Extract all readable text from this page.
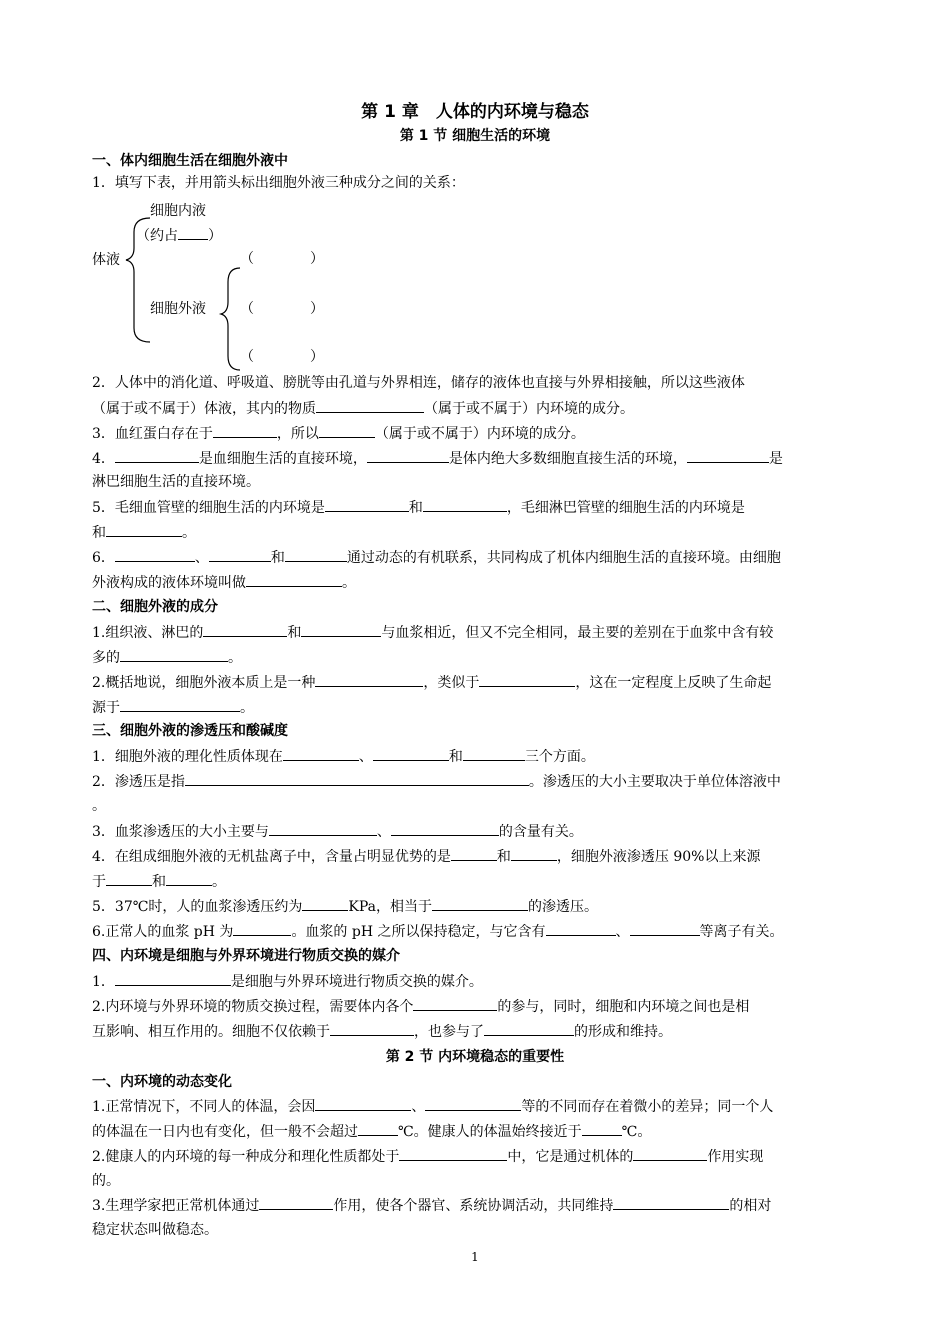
第 1 章　人体的内环境与稳态
第 1 节 细胞生活的环境
一、体内细胞生活在细胞外液中
1．填写下表，并用箭头标出细胞外液三种成分之间的关系：
细胞内液
（约占 ）
体液
细胞外液
（	）
（	）
（	）
2．人体中的消化道、呼吸道、膀胱等由孔道与外界相连，储存的液体也直接与外界相接触，所以这些液体
（属于或不属于）体液，其内的物质	（属于或不属于）内环境的成分。
3．血红蛋白存在于	，所以	（属于或不属于）内环境的成分。
4．	是血细胞生活的直接环境，	是体内绝大多数细胞直接生活的环境，	是
淋巴细胞生活的直接环境。
5．毛细血管壁的细胞生活的内环境是	和	，毛细淋巴管壁的细胞生活的内环境是
和	。
6．	、	和	通过动态的有机联系，共同构成了机体内细胞生活的直接环境。由细胞
外液构成的液体环境叫做	。
二、细胞外液的成分
1.组织液、淋巴的	和	与血浆相近，但又不完全相同，最主要的差别在于血浆中含有较
多的	。
2.概括地说，细胞外液本质上是一种	，类似于	，这在一定程度上反映了生命起
源于	。
三、细胞外液的渗透压和酸碱度
1．细胞外液的理化性质体现在	、	和	三个方面。
2．渗透压是指	。渗透压的大小主要取决于单位体溶液中
。
3．血浆渗透压的大小主要与	、	的含量有关。
4．在组成细胞外液的无机盐离子中，含量占明显优势的是	和	，细胞外液渗透压 90%以上来源
于	和	。
5．37℃时，人的血浆渗透压约为	KPa，相当于	的渗透压。
6.正常人的血浆 pH 为	。血浆的 pH 之所以保持稳定，与它含有	、	等离子有关。
四、内环境是细胞与外界环境进行物质交换的媒介
1．	是细胞与外界环境进行物质交换的媒介。
2.内环境与外界环境的物质交换过程，需要体内各个	的参与，同时，细胞和内环境之间也是相
互影响、相互作用的。细胞不仅依赖于	，也参与了	的形成和维持。
第 2 节 内环境稳态的重要性
一、内环境的动态变化
1.正常情况下，不同人的体温，会因	、	等的不同而存在着微小的差异；同一个人
的体温在一日内也有变化，但一般不会超过	℃。健康人的体温始终接近于	℃。
2.健康人的内环境的每一种成分和理化性质都处于	中，它是通过机体的	作用实现
的。
3.生理学家把正常机体通过	作用，使各个器官、系统协调活动，共同维持	的相对
稳定状态叫做稳态。
1
